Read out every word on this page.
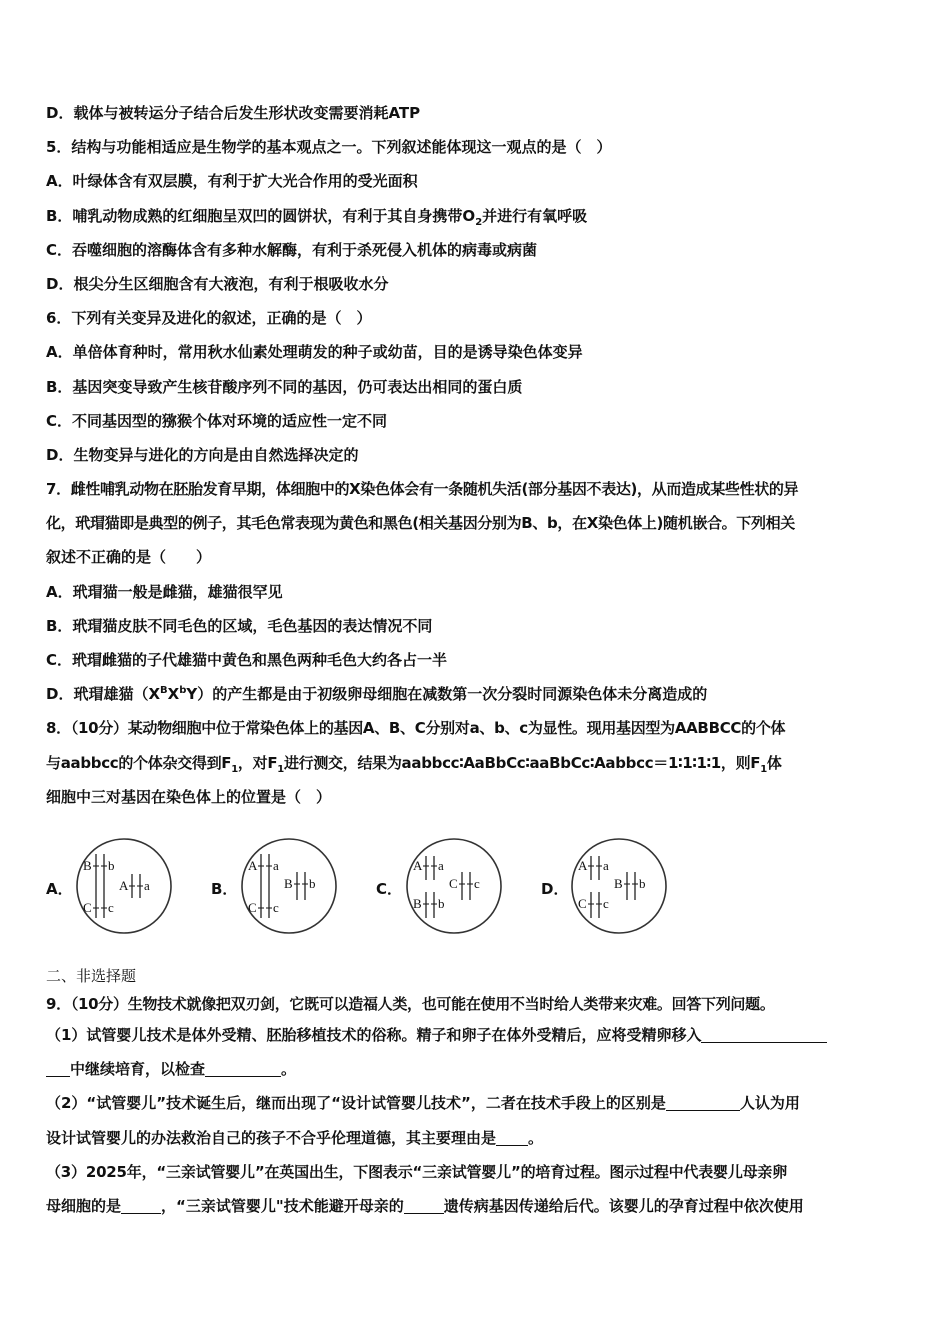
D．载体与被转运分子结合后发生形状改变需要消耗ATP
5．结构与功能相适应是生物学的基本观点之一。下列叙述能体现这一观点的是（　）
A．叶绿体含有双层膜，有利于扩大光合作用的受光面积
B．哺乳动物成熟的红细胞呈双凹的圆饼状，有利于其自身携带$O_2$并进行有氧呼吸
C．吞噬细胞的溶酶体含有多种水解酶，有利于杀死侵入机体的病毒或病菌
D．根尖分生区细胞含有大液泡，有利于根吸收水分
6．下列有关变异及进化的叙述，正确的是（　）
A．单倍体育种时，常用秋水仙素处理萌发的种子或幼苗，目的是诱导染色体变异
B．基因突变导致产生核苷酸序列不同的基因，仍可表达出相同的蛋白质
C．不同基因型的猕猴个体对环境的适应性一定不同
D．生物变异与进化的方向是由自然选择决定的
7．雌性哺乳动物在胚胎发育早期，体细胞中的X染色体会有一条随机失活(部分基因不表达)，从而造成某些性状的异
化，玳瑁猫即是典型的例子，其毛色常表现为黄色和黑色(相关基因分别为B、b，在X染色体上)随机嵌合。下列相关
叙述不正确的是（　　）
A．玳瑁猫一般是雌猫，雄猫很罕见
B．玳瑁猫皮肤不同毛色的区域，毛色基因的表达情况不同
C．玳瑁雌猫的子代雄猫中黄色和黑色两种毛色大约各占一半
D．玳瑁雄猫$(X^BX^bY)$的产生都是由于初级卵母细胞在减数第一次分裂时同源染色体未分离造成的
8．（10分）某动物细胞中位于常染色体上的基因A、B、C分别对a、b、c为显性。现用基因型为AABBCC的个体
与aabbcc的个体杂交得到$F_1$，对$F_1$进行测交，结果为aabbcc∶AaBbCc∶aaBbCc∶Aabbcc＝1∶1∶1∶1，则$F_1$体
细胞中三对基因在染色体上的位置是（　）
A．
B b
C c
A a	B．
A a
C c
B b	C．
A a
B b
C c	D．
A a
C c
B b
二、非选择题
9．（10分）生物技术就像把双刃剑，它既可以造福人类，也可能在使用不当时给人类带来灾难。回答下列问题。
（1）试管婴儿技术是体外受精、胚胎移植技术的俗称。精子和卵子在体外受精后，应将受精卵移入
中继续培育，以检查	。
（2）“试管婴儿”技术诞生后，继而出现了“设计试管婴儿技术”，二者在技术手段上的区别是	人认为用
设计试管婴儿的办法救治自己的孩子不合乎伦理道德，其主要理由是 。
（3）2025年，“三亲试管婴儿”在英国出生，下图表示“三亲试管婴儿”的培育过程。图示过程中代表婴儿母亲卵
母细胞的是	，“三亲试管婴儿"技术能避开母亲的	遗传病基因传递给后代。该婴儿的孕育过程中依次使用
